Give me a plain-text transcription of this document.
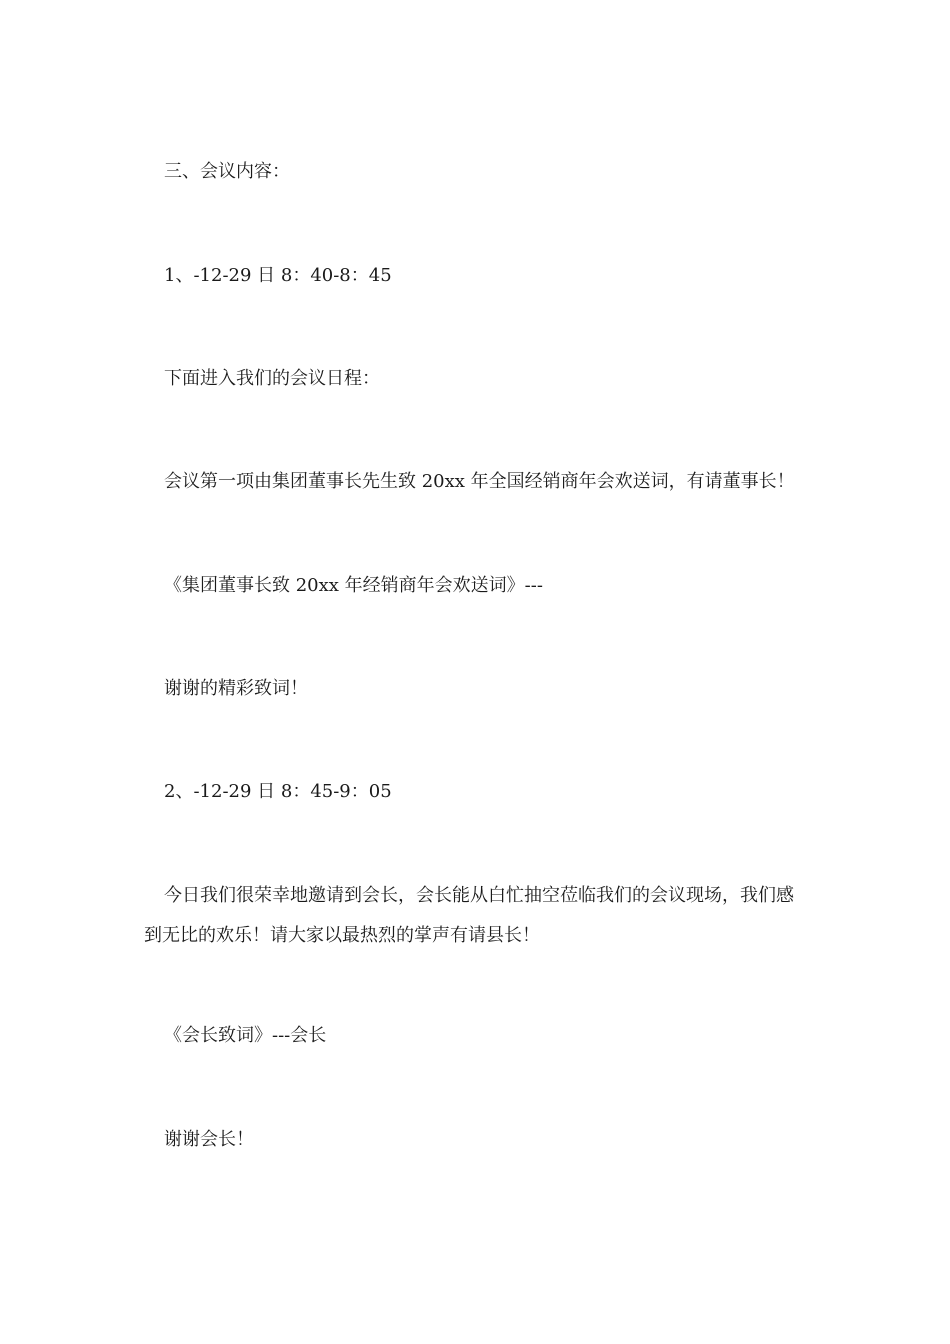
三、会议内容：
1、-12-29 日 8：40-8：45
下面进入我们的会议日程：
会议第一项由集团董事长先生致 20xx 年全国经销商年会欢送词，有请董事长！
《集团董事长致 20xx 年经销商年会欢送词》---
谢谢的精彩致词！
2、-12-29 日 8：45-9：05
今日我们很荣幸地邀请到会长，会长能从白忙抽空莅临我们的会议现场，我们感到无比的欢乐！请大家以最热烈的掌声有请县长！
《会长致词》---会长
谢谢会长！
